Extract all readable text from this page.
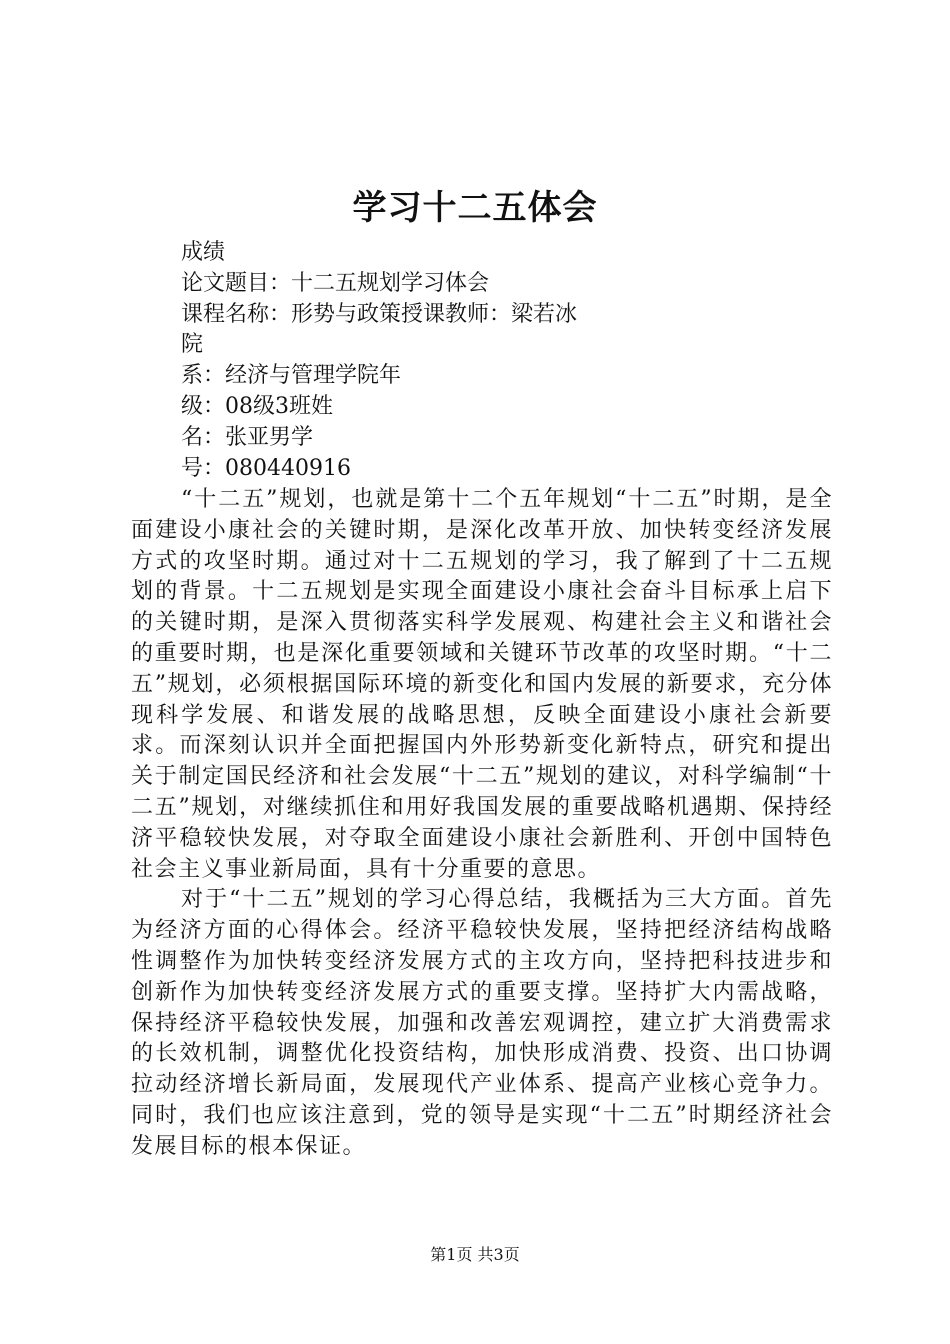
学习十二五体会
成绩
论文题目：十二五规划学习体会
课程名称：形势与政策授课教师：梁若冰
院
系：经济与管理学院年
级：08级3班姓
名：张亚男学
号：080440916

“十二五”规划，也就是第十二个五年规划“十二五”时期，是全面建设小康社会的关键时期，是深化改革开放、加快转变经济发展方式的攻坚时期。通过对十二五规划的学习，我了解到了十二五规划的背景。十二五规划是实现全面建设小康社会奋斗目标承上启下的关键时期，是深入贯彻落实科学发展观、构建社会主义和谐社会的重要时期，也是深化重要领域和关键环节改革的攻坚时期。“十二五”规划，必须根据国际环境的新变化和国内发展的新要求，充分体现科学发展、和谐发展的战略思想，反映全面建设小康社会新要求。而深刻认识并全面把握国内外形势新变化新特点，研究和提出关于制定国民经济和社会发展“十二五”规划的建议，对科学编制“十二五”规划，对继续抓住和用好我国发展的重要战略机遇期、保持经济平稳较快发展，对夺取全面建设小康社会新胜利、开创中国特色社会主义事业新局面，具有十分重要的意思。

对于“十二五”规划的学习心得总结，我概括为三大方面。首先为经济方面的心得体会。经济平稳较快发展，坚持把经济结构战略性调整作为加快转变经济发展方式的主攻方向，坚持把科技进步和创新作为加快转变经济发展方式的重要支撑。坚持扩大内需战略，保持经济平稳较快发展，加强和改善宏观调控，建立扩大消费需求的长效机制，调整优化投资结构，加快形成消费、投资、出口协调拉动经济增长新局面，发展现代产业体系、提高产业核心竞争力。同时，我们也应该注意到，党的领导是实现“十二五”时期经济社会发展目标的根本保证。

第1页 共3页
